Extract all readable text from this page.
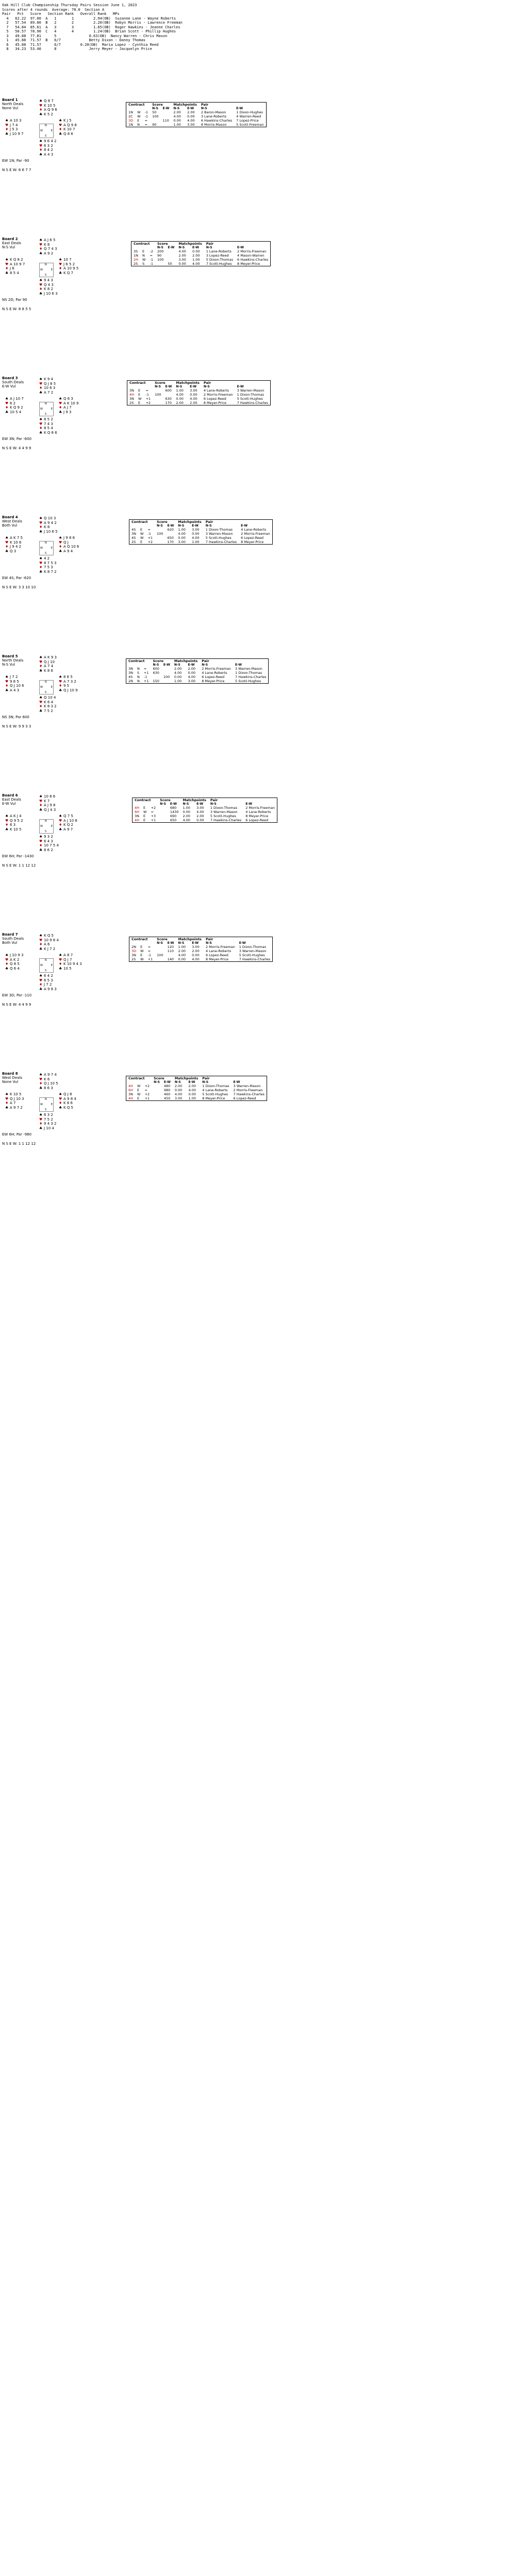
Oak Hill Club Championship Thursday Pairs Session June 1, 2023
Scores after 4 rounds  Average: 78.0  Section A
Pair   Pct   Score   Section Rank   Overall Rank   MPs
4   62.22  97.00  A   1       1         2.94(OB)  Suzanne Lane - Wayne Roberts
2   57.54  89.80  B   2       2         2.20(OB)  Robyn Morris - Lawrence Freeman
7   54.84  85.61  A   3       3         1.65(OB)  Roger Hawkins - Jeanne Charles
5   50.57  78.90  C   4       4         1.24(OB)  Brian Scott - Phillip Hughes
3   49.88  77.81      5               0.63(OB)  Nancy Warren - Chris Mason
1   45.88  71.57  B   6/7             Betty Dixon - Danny Thomas
6   45.88  71.57      6/7         0.20(OB)  Maria Lopez - Cynthia Reed
8   34.23  53.40      8               Jerry Meyer - Jacquelyn Price
Board 1
North Deals
None Vul
♠ Q 8 7
♥ K 10 5
♦ A Q 9 6
♣ K 5 2
♠ A 10 3
♥ J 7 4
♦ J 5 3
♣ J 10 9 7
♠ K J 5
♥ A Q 9 8
♦ K 10 7
♣ Q 8 6
♠ 9 6 4 2
♥ 6 3 2
♦ 8 4 2
♣ A 4 3
N
S
W	E
EW 1N; Par -90
N S E W: 6 6 7 7
Contract			Score		Matchpoints		Pair	
			N-S	E-W	N-S	E-W	N-S	E-W
1N	W	-1	50		2.00	2.00	2 Baron-Mason	1 Dixon-Hughes
2C	W	-1	100		4.00	0.00	3 Lane-Roberts	4 Warren-Reed
3D	E	=		110	0.00	4.00	6 Hawkins-Charles	7 Lopez-Price
1N	N	=	90		1.00	3.00	8 Morris-Mason	5 Scott-Freeman
Board 2
East Deals
N-S Vul
♠ A J 6 5
♥ K 8
♦ Q 7 4 3
♣ A 9 2
♠ K Q 8 2
♥ A 10 9 7
♦ J 6
♣ 8 5 4
♠ 10 7
♥ J 6 5 2
♦ A 10 9 5
♣ K Q 7
♠ 9 4 3
♥ Q 4 3
♦ K 8 2
♣ J 10 6 3
N
S
W	E
NS 2D; Par 90
N S E W: 8 8 5 5
Contract			Score		Matchpoints		Pair	
			N-S	E-W	N-S	E-W	N-S	E-W
3S	E	-2	200		4.00	0.00	1 Lane-Roberts	2 Morris-Freeman
1N	N	=	90		2.00	2.00	3 Lopez-Reed	4 Mason-Warren
2H	W	-1	100		3.00	1.00	5 Dixon-Thomas	6 Hawkins-Charles
2S	S	-1		50	0.00	4.00	7 Scott-Hughes	8 Meyer-Price
Board 3
South Deals
E-W Vul
♠ K 9 4
♥ Q J 8 5
♦ 10 6 3
♣ A 7 2
♠ A J 10 7
♥ 6 2
♦ K Q 9 2
♣ 10 5 4
♠ Q 6 3
♥ A K 10 9
♦ A J 7
♣ J 9 3
♠ 8 5 2
♥ 7 4 3
♦ 8 5 4
♣ K Q 8 6
N
S
W	E
EW 3N; Par -600
N S E W: 4 4 9 9
Contract			Score		Matchpoints		Pair	
			N-S	E-W	N-S	E-W	N-S	E-W
3N	E	=		600	1.00	3.00	4 Lane-Roberts	3 Warren-Mason
4H	E	-1	100		4.00	0.00	2 Morris-Freeman	1 Dixon-Thomas
3N	W	+1		630	0.00	4.00	6 Lopez-Reed	5 Scott-Hughes
2S	E	+2		170	2.00	2.00	8 Meyer-Price	7 Hawkins-Charles
Board 4
West Deals
Both Vul
♠ Q 10 3
♥ A 9 4 2
♦ K 8
♣ J 10 6 5
♠ A K 7 5
♥ K 10 6
♦ J 9 4 2
♣ Q 3
♠ J 9 8 6
♥ Q J
♦ A Q 10 6
♣ A 9 4
♠ 4 2
♥ 8 7 5 3
♦ 7 5 3
♣ K 8 7 2
N
S
W	E
EW 4S; Par -620
N S E W: 3 3 10 10
Contract			Score		Matchpoints		Pair	
			N-S	E-W	N-S	E-W	N-S	E-W
4S	E	=		620	1.00	3.00	1 Dixon-Thomas	4 Lane-Roberts
3N	W	-1	100		4.00	0.00	3 Warren-Mason	2 Morris-Freeman
4S	W	+1		650	0.00	4.00	5 Scott-Hughes	6 Lopez-Reed
2S	E	+2		170	3.00	1.00	7 Hawkins-Charles	8 Meyer-Price
Board 5
North Deals
N-S Vul
♠ A K 9 3
♥ Q J 10
♦ A 7 4
♣ K 8 6
♠ J 7 2
♥ 9 8 5
♦ Q J 10 6
♣ A 4 3
♠ 8 6 5
♥ A 7 3 2
♦ 9 5
♣ Q J 10 9
♠ Q 10 4
♥ K 6 4
♦ K 8 3 2
♣ 7 5 2
N
S
W	E
NS 3N; Par 600
N S E W: 9 9 3 3
Contract			Score		Matchpoints		Pair	
			N-S	E-W	N-S	E-W	N-S	E-W
3N	N	=	600		2.00	2.00	2 Morris-Freeman	3 Warren-Mason
3N	S	+1	630		4.00	0.00	4 Lane-Roberts	1 Dixon-Thomas
4S	N	-1		100	0.00	4.00	6 Lopez-Reed	7 Hawkins-Charles
2N	N	+1	150		1.00	3.00	8 Meyer-Price	5 Scott-Hughes
Board 6
East Deals
E-W Vul
♠ 10 8 6
♥ K 7
♦ A J 9 8
♣ Q J 4 3
♠ A K J 4
♥ Q 9 5 2
♦ 6 3
♣ K 10 5
♠ Q 7 5
♥ A J 10 8
♦ K Q 2
♣ A 9 7
♠ 9 3 2
♥ 6 4 3
♦ 10 7 5 4
♣ 8 6 2
N
S
W	E
EW 6H; Par -1430
N S E W: 1 1 12 12
Contract			Score		Matchpoints		Pair	
			N-S	E-W	N-S	E-W	N-S	E-W
4H	E	+2		680	1.00	3.00	1 Dixon-Thomas	2 Morris-Freeman
6H	W	=		1430	0.00	4.00	3 Warren-Mason	4 Lane-Roberts
3N	E	+3		690	2.00	2.00	5 Scott-Hughes	8 Meyer-Price
4H	E	+1		650	4.00	0.00	7 Hawkins-Charles	6 Lopez-Reed
Board 7
South Deals
Both Vul
♠ K Q 5
♥ 10 9 8 4
♦ A 6
♣ K J 7 2
♠ J 10 9 3
♥ A K 2
♦ Q 8 5
♣ Q 6 4
♠ A 8 7
♥ Q J 7
♦ K 10 9 4 3
♣ 10 5
♠ 6 4 2
♥ 6 5 3
♦ J 7 2
♣ A 9 8 3
N
S
W	E
EW 3D; Par -110
N S E W: 4 4 9 9
Contract			Score		Matchpoints		Pair	
			N-S	E-W	N-S	E-W	N-S	E-W
2N	E	=		120	1.00	3.00	2 Morris-Freeman	1 Dixon-Thomas
3D	W	=		110	2.00	2.00	4 Lane-Roberts	3 Warren-Mason
3N	E	-1	100		4.00	0.00	6 Lopez-Reed	5 Scott-Hughes
2S	W	+1		140	0.00	4.00	8 Meyer-Price	7 Hawkins-Charles
Board 8
West Deals
None Vul
♠ A 9 7 4
♥ K 6
♦ Q J 10 5
♣ 8 6 3
♠ K 10 5
♥ Q J 10 3
♦ A 7
♣ A 9 7 2
♠ Q J 8
♥ A 9 8 4
♦ K 8 6
♣ K Q 5
♠ 6 3 2
♥ 7 5 2
♦ 9 4 3 2
♣ J 10 4
N
S
W	E
EW 6H; Par -980
N S E W: 1 1 12 12
Contract			Score		Matchpoints		Pair	
			N-S	E-W	N-S	E-W	N-S	E-W
4H	W	+2		480	2.00	2.00	1 Dixon-Thomas	3 Warren-Mason
6H	E	=		980	0.00	4.00	4 Lane-Roberts	2 Morris-Freeman
3N	W	+2		460	4.00	0.00	5 Scott-Hughes	7 Hawkins-Charles
4H	E	+1		450	3.00	1.00	8 Meyer-Price	6 Lopez-Reed
